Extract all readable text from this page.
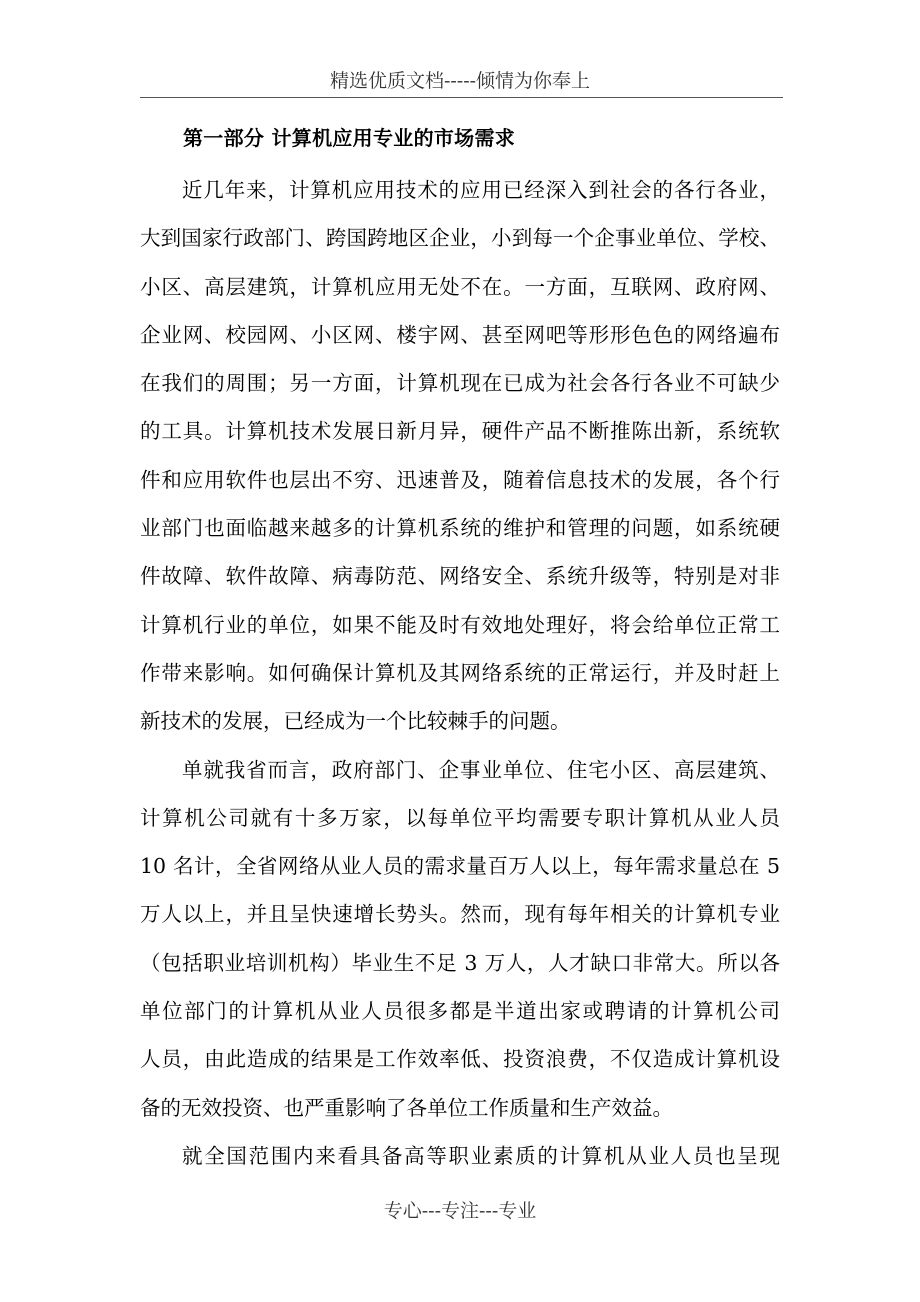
精选优质文档-----倾情为你奉上
第一部分 计算机应用专业的市场需求
近几年来，计算机应用技术的应用已经深入到社会的各行各业，
大到国家行政部门、跨国跨地区企业，小到每一个企事业单位、学校、
小区、高层建筑，计算机应用无处不在。一方面，互联网、政府网、
企业网、校园网、小区网、楼宇网、甚至网吧等形形色色的网络遍布
在我们的周围；另一方面，计算机现在已成为社会各行各业不可缺少
的工具。计算机技术发展日新月异，硬件产品不断推陈出新，系统软
件和应用软件也层出不穷、迅速普及，随着信息技术的发展，各个行
业部门也面临越来越多的计算机系统的维护和管理的问题，如系统硬
件故障、软件故障、病毒防范、网络安全、系统升级等，特别是对非
计算机行业的单位，如果不能及时有效地处理好，将会给单位正常工
作带来影响。如何确保计算机及其网络系统的正常运行，并及时赶上
新技术的发展，已经成为一个比较棘手的问题。
单就我省而言，政府部门、企事业单位、住宅小区、高层建筑、
计算机公司就有十多万家，以每单位平均需要专职计算机从业人员
10 名计，全省网络从业人员的需求量百万人以上，每年需求量总在 5
万人以上，并且呈快速增长势头。然而，现有每年相关的计算机专业
（包括职业培训机构）毕业生不足 3 万人，人才缺口非常大。所以各
单位部门的计算机从业人员很多都是半道出家或聘请的计算机公司
人员，由此造成的结果是工作效率低、投资浪费，不仅造成计算机设
备的无效投资、也严重影响了各单位工作质量和生产效益。
就全国范围内来看具备高等职业素质的计算机从业人员也呈现
专心---专注---专业
